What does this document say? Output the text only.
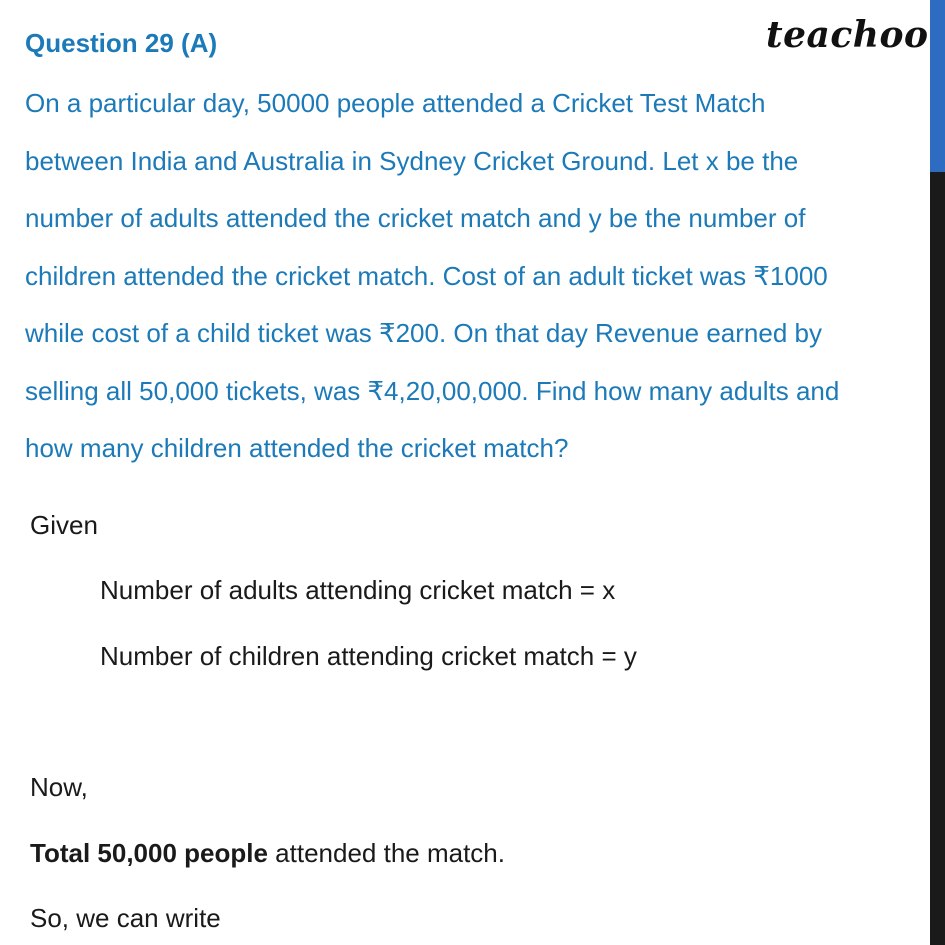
Question 29 (A)	teachoo
On a particular day, 50000 people attended a Cricket Test Match
between India and Australia in Sydney Cricket Ground. Let x be the
number of adults attended the cricket match and y be the number of
children attended the cricket match. Cost of an adult ticket was ₹1000
while cost of a child ticket was ₹200. On that day Revenue earned by
selling all 50,000 tickets, was ₹4,20,00,000. Find how many adults and
how many children attended the cricket match?
Given
Number of adults attending cricket match = x
Number of children attending cricket match = y
Now,
Total 50,000 people attended the match.
So, we can write
